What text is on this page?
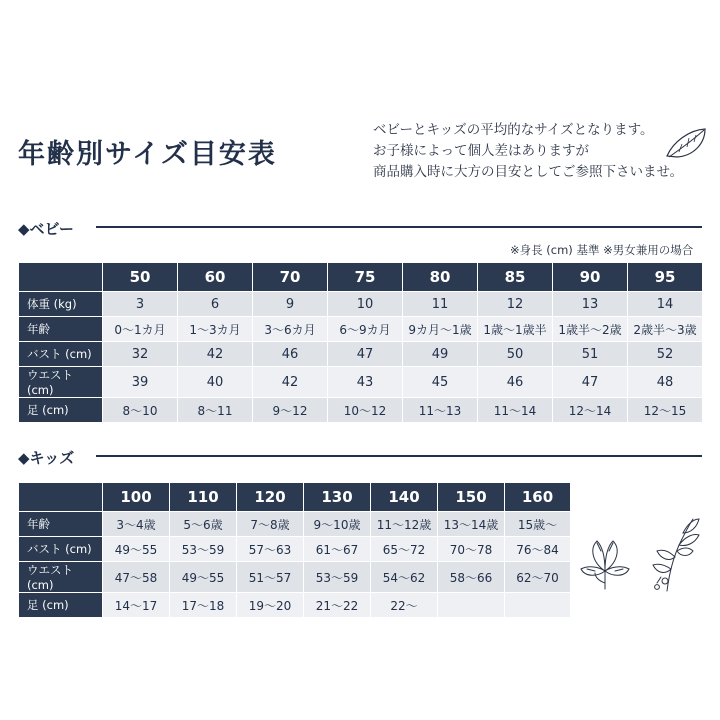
年齢別サイズ目安表
ベビーとキッズの平均的なサイズとなります。
お子様によって個人差はありますが
商品購入時に大方の目安としてご参照下さいませ。
◆ベビー
※身長 (cm) 基準 ※男女兼用の場合
	50	60	70	75	80	85	90	95
体重 (kg)	3	6	9	10	11	12	13	14
年齢	0〜1カ月	1〜3カ月	3〜6カ月	6〜9カ月	9カ月〜1歳	1歳〜1歳半	1歳半〜2歳	2歳半〜3歳
バスト (cm)	32	42	46	47	49	50	51	52
ウエスト (cm)	39	40	42	43	45	46	47	48
足 (cm)	8〜10	8〜11	9〜12	10〜12	11〜13	11〜14	12〜14	12〜15
◆キッズ
	100	110	120	130	140	150	160
年齢	3〜4歳	5〜6歳	7〜8歳	9〜10歳	11〜12歳	13〜14歳	15歳〜
バスト (cm)	49〜55	53〜59	57〜63	61〜67	65〜72	70〜78	76〜84
ウエスト (cm)	47〜58	49〜55	51〜57	53〜59	54〜62	58〜66	62〜70
足 (cm)	14〜17	17〜18	19〜20	21〜22	22〜		
